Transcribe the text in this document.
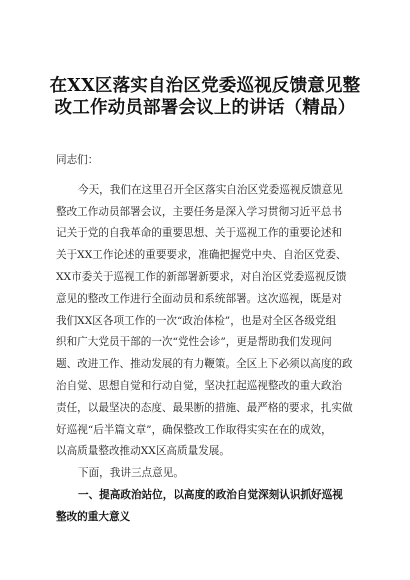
在XX区落实自治区党委巡视反馈意见整
改工作动员部署会议上的讲话（精品）
同志们：
今天，我们在这里召开全区落实自治区党委巡视反馈意见
整改工作动员部署会议，主要任务是深入学习贯彻习近平总书
记关于党的自我革命的重要思想、关于巡视工作的重要论述和
关于XX工作论述的重要要求，准确把握党中央、自治区党委、
XX市委关于巡视工作的新部署新要求，对自治区党委巡视反馈
意见的整改工作进行全面动员和系统部署。这次巡视，既是对
我们XX区各项工作的一次“政治体检”，也是对全区各级党组
织和广大党员干部的一次“党性会诊”，更是帮助我们发现问
题、改进工作、推动发展的有力鞭策。全区上下必须以高度的政
治自觉、思想自觉和行动自觉，坚决扛起巡视整改的重大政治
责任，以最坚决的态度、最果断的措施、最严格的要求，扎实做
好巡视“后半篇文章”，确保整改工作取得实实在在的成效，
以高质量整改推动XX区高质量发展。
下面，我讲三点意见。
一、提高政治站位，以高度的政治自觉深刻认识抓好巡视
整改的重大意义
